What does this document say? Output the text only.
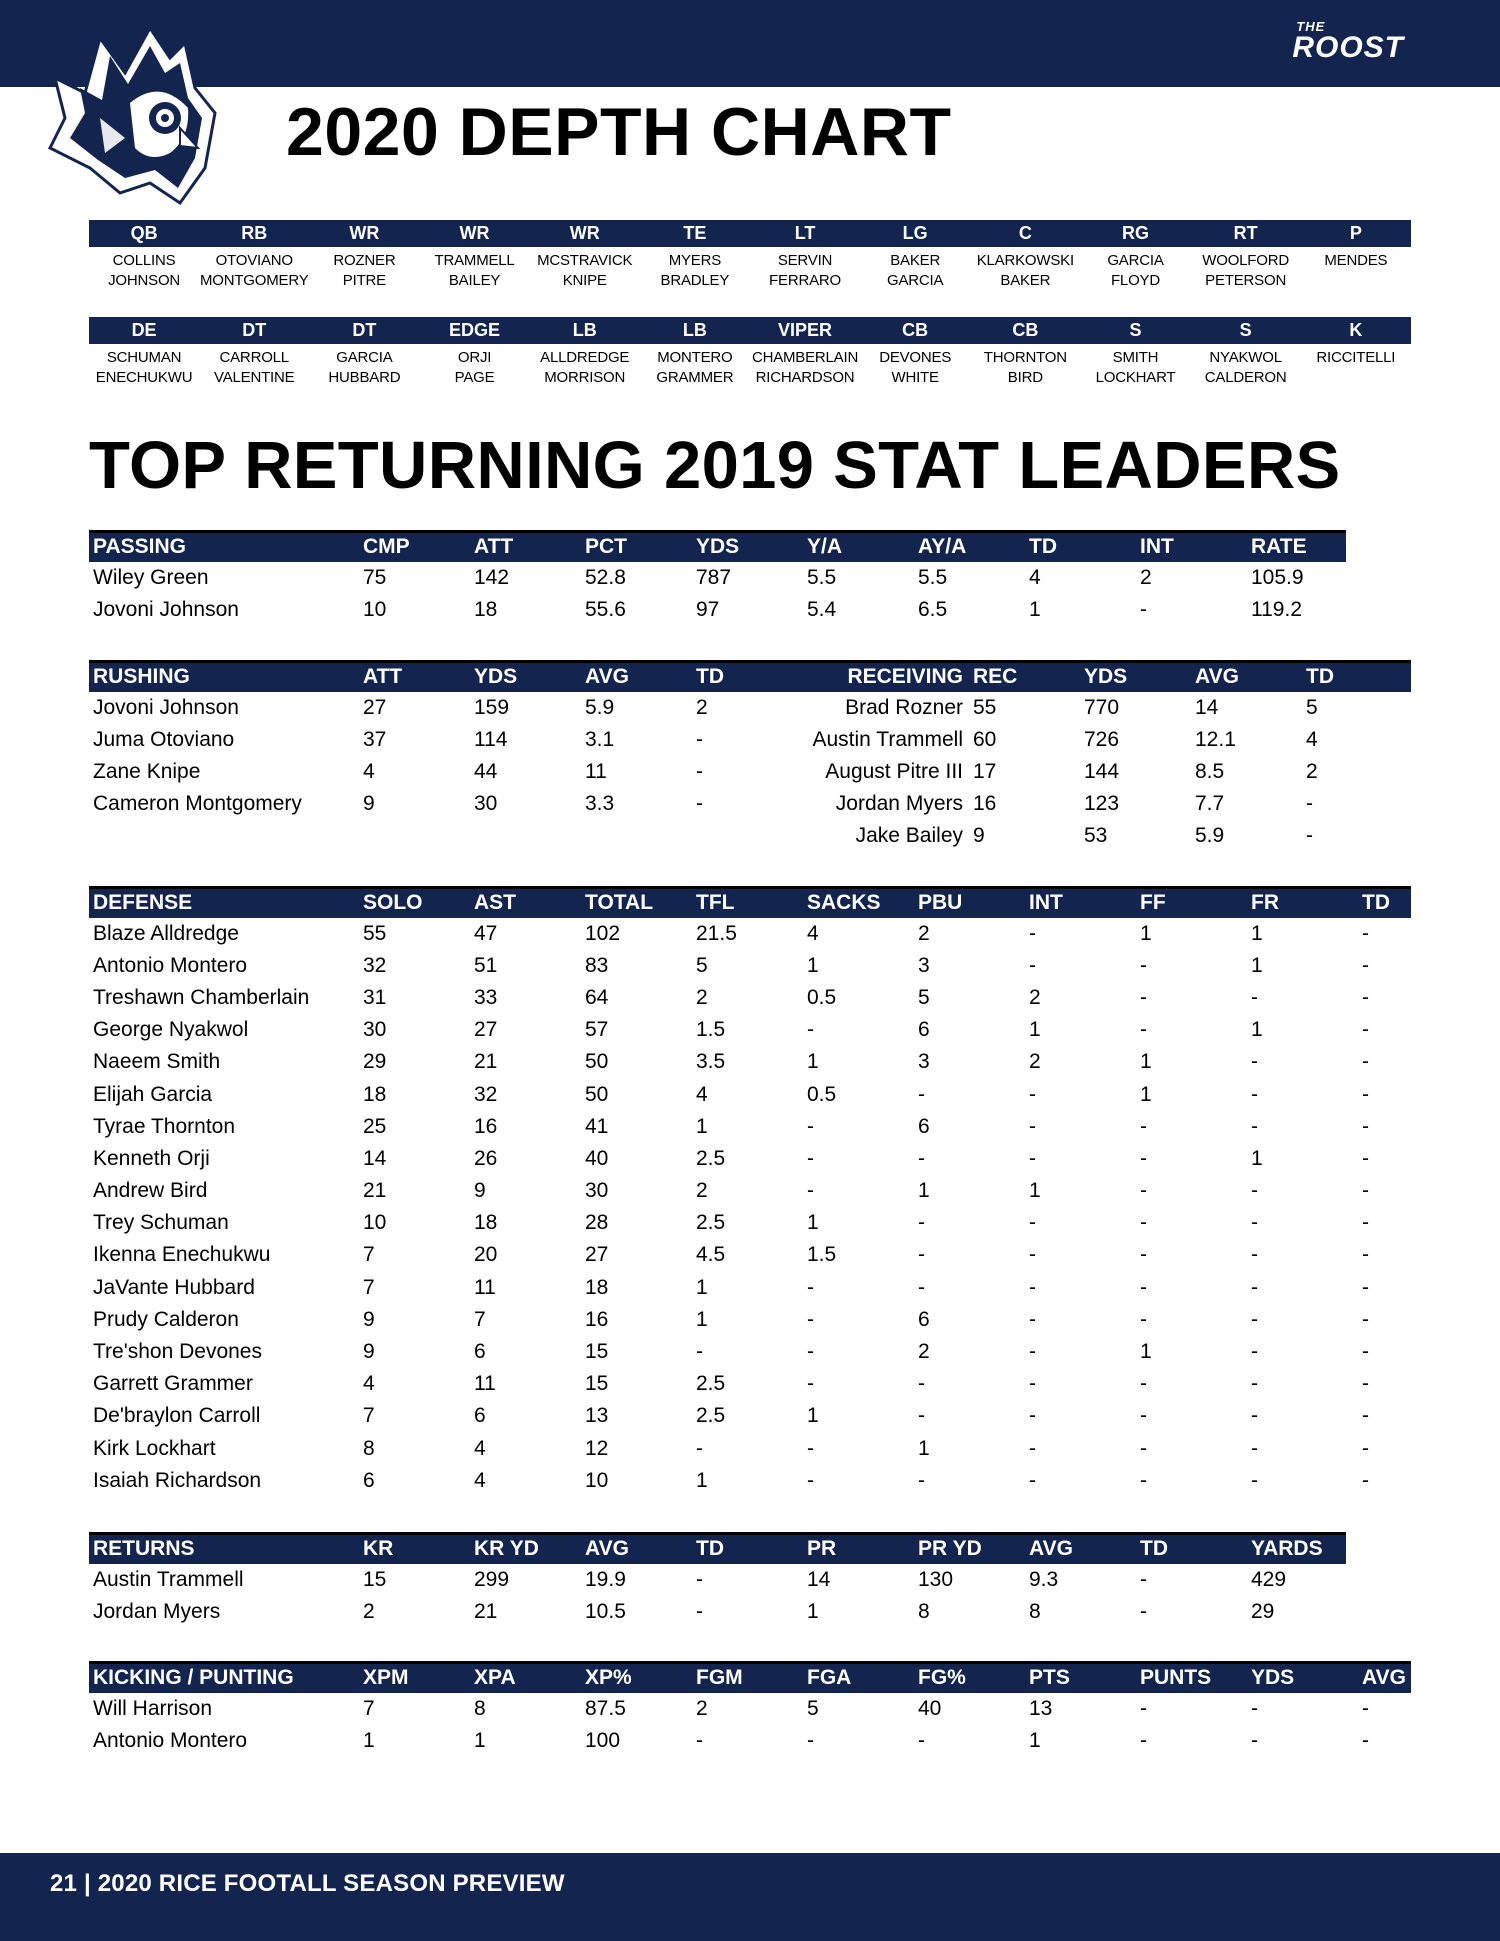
THE
ROOST
2020 DEPTH CHART
QB	RB	WR	WR	WR	TE	LT	LG	C	RG	RT	P
COLLINS	OTOVIANO	ROZNER	TRAMMELL	MCSTRAVICK	MYERS	SERVIN	BAKER	KLARKOWSKI	GARCIA	WOOLFORD	MENDES
JOHNSON	MONTGOMERY	PITRE	BAILEY	KNIPE	BRADLEY	FERRARO	GARCIA	BAKER	FLOYD	PETERSON	
DE	DT	DT	EDGE	LB	LB	VIPER	CB	CB	S	S	K
SCHUMAN	CARROLL	GARCIA	ORJI	ALLDREDGE	MONTERO	CHAMBERLAIN	DEVONES	THORNTON	SMITH	NYAKWOL	RICCITELLI
ENECHUKWU	VALENTINE	HUBBARD	PAGE	MORRISON	GRAMMER	RICHARDSON	WHITE	BIRD	LOCKHART	CALDERON	
TOP RETURNING 2019 STAT LEADERS
PASSING	CMP	ATT	PCT	YDS	Y/A	AY/A	TD	INT	RATE
Wiley Green	75	142	52.8	787	5.5	5.5	4	2	105.9
Jovoni Johnson	10	18	55.6	97	5.4	6.5	1	-	119.2
RUSHING	ATT	YDS	AVG	TD	RECEIVING	REC	YDS	AVG	TD
Jovoni Johnson	27	159	5.9	2	Brad Rozner	55	770	14	5
Juma Otoviano	37	114	3.1	-	Austin Trammell	60	726	12.1	4
Zane Knipe	4	44	11	-	August Pitre III	17	144	8.5	2
Cameron Montgomery	9	30	3.3	-	Jordan Myers	16	123	7.7	-
					Jake Bailey	9	53	5.9	-
DEFENSE	SOLO	AST	TOTAL	TFL	SACKS	PBU	INT	FF	FR	TD
Blaze Alldredge	55	47	102	21.5	4	2	-	1	1	-
Antonio Montero	32	51	83	5	1	3	-	-	1	-
Treshawn Chamberlain	31	33	64	2	0.5	5	2	-	-	-
George Nyakwol	30	27	57	1.5	-	6	1	-	1	-
Naeem Smith	29	21	50	3.5	1	3	2	1	-	-
Elijah Garcia	18	32	50	4	0.5	-	-	1	-	-
Tyrae Thornton	25	16	41	1	-	6	-	-	-	-
Kenneth Orji	14	26	40	2.5	-	-	-	-	1	-
Andrew Bird	21	9	30	2	-	1	1	-	-	-
Trey Schuman	10	18	28	2.5	1	-	-	-	-	-
Ikenna Enechukwu	7	20	27	4.5	1.5	-	-	-	-	-
JaVante Hubbard	7	11	18	1	-	-	-	-	-	-
Prudy Calderon	9	7	16	1	-	6	-	-	-	-
Tre'shon Devones	9	6	15	-	-	2	-	1	-	-
Garrett Grammer	4	11	15	2.5	-	-	-	-	-	-
De'braylon Carroll	7	6	13	2.5	1	-	-	-	-	-
Kirk Lockhart	8	4	12	-	-	1	-	-	-	-
Isaiah Richardson	6	4	10	1	-	-	-	-	-	-
RETURNS	KR	KR YD	AVG	TD	PR	PR YD	AVG	TD	YARDS
Austin Trammell	15	299	19.9	-	14	130	9.3	-	429
Jordan Myers	2	21	10.5	-	1	8	8	-	29
KICKING / PUNTING	XPM	XPA	XP%	FGM	FGA	FG%	PTS	PUNTS	YDS	AVG
Will Harrison	7	8	87.5	2	5	40	13	-	-	-
Antonio Montero	1	1	100	-	-	-	1	-	-	-
21 | 2020 RICE FOOTALL SEASON PREVIEW
